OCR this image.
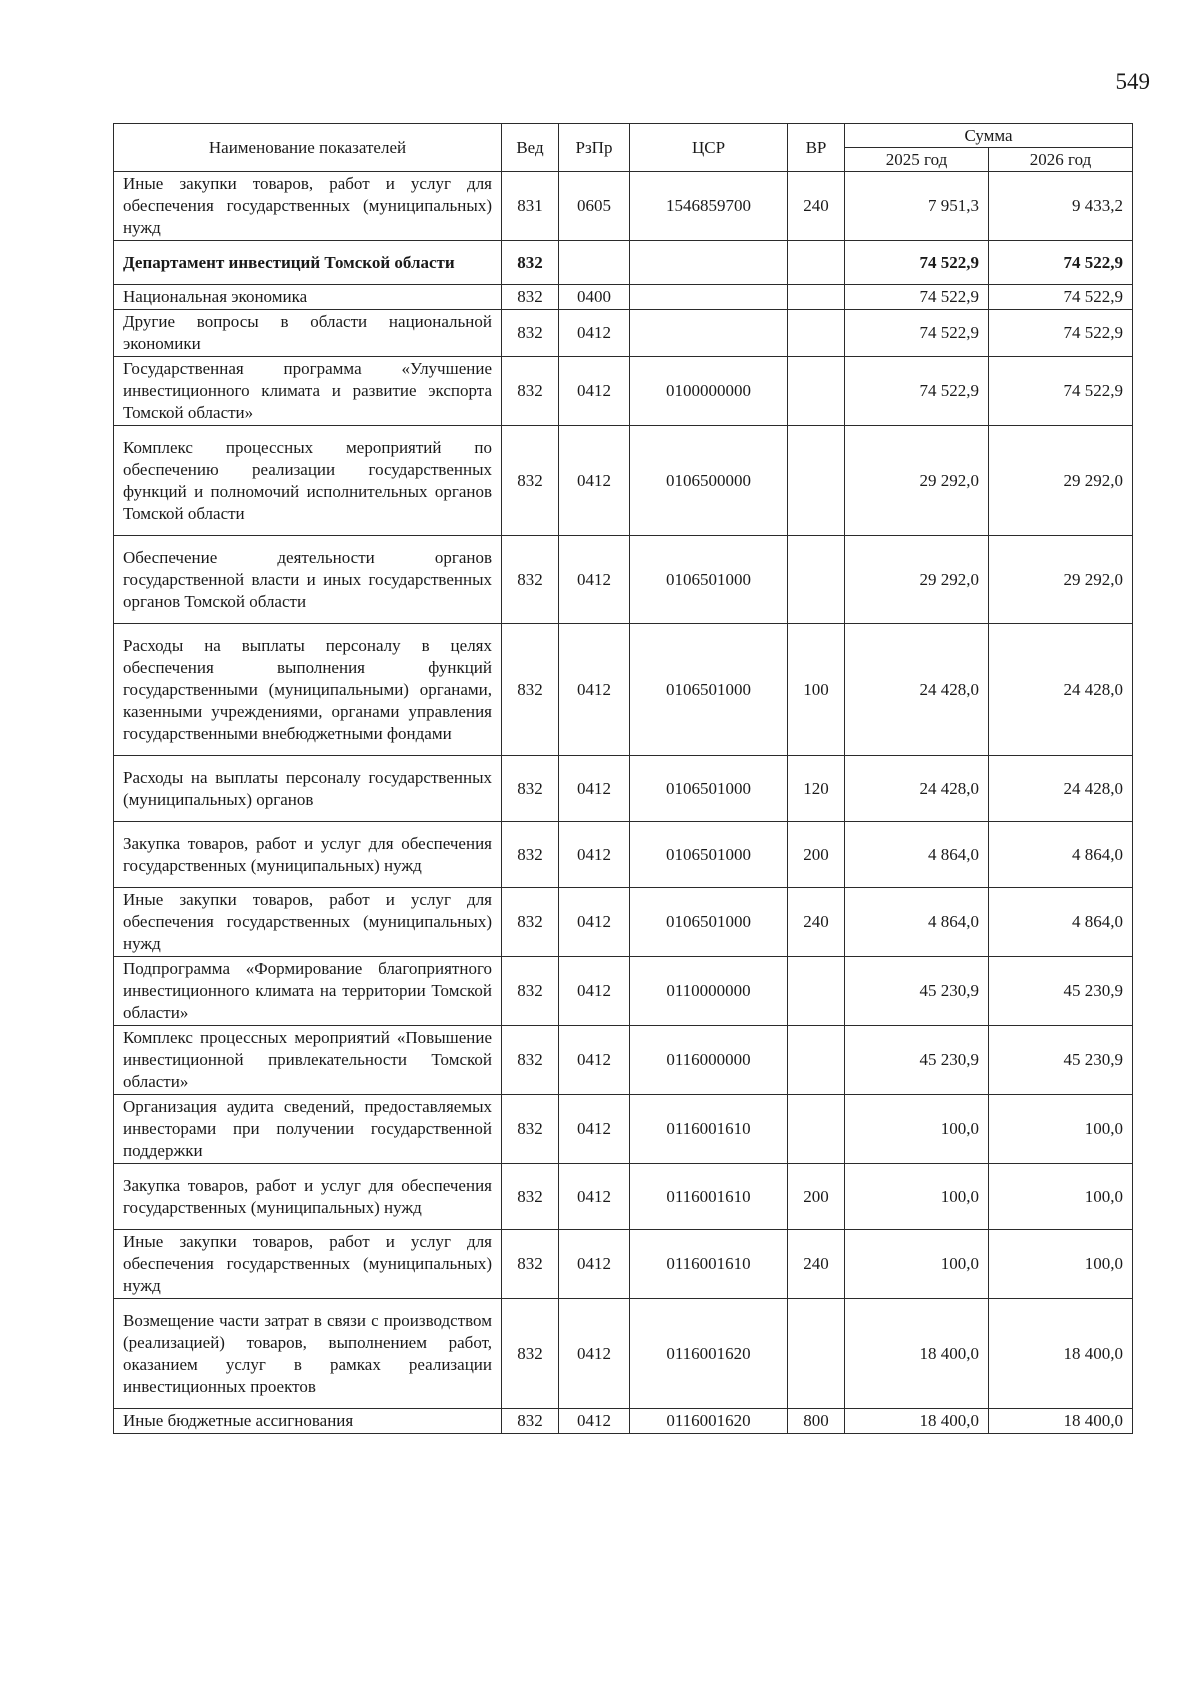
549
Наименование показателей	Вед	РзПр	ЦСР	ВР	Сумма	
					2025 год	2026 год
Иные закупки товаров, работ и услуг для обеспечения государственных (муниципальных) нужд	831	0605	1546859700	240	7 951,3	9 433,2
Департамент инвестиций Томской области	832				74 522,9	74 522,9
Национальная экономика	832	0400			74 522,9	74 522,9
Другие вопросы в области национальной экономики	832	0412			74 522,9	74 522,9
Государственная программа «Улучшение инвестиционного климата и развитие экспорта Томской области»	832	0412	0100000000		74 522,9	74 522,9
Комплекс процессных мероприятий по обеспечению реализации государственных функций и полномочий исполнительных органов Томской области	832	0412	0106500000		29 292,0	29 292,0
Обеспечение деятельности органов государственной власти и иных государственных органов Томской области	832	0412	0106501000		29 292,0	29 292,0
Расходы на выплаты персоналу в целях обеспечения выполнения функций государственными (муниципальными) органами, казенными учреждениями, органами управления государственными внебюджетными фондами	832	0412	0106501000	100	24 428,0	24 428,0
Расходы на выплаты персоналу государственных (муниципальных) органов	832	0412	0106501000	120	24 428,0	24 428,0
Закупка товаров, работ и услуг для обеспечения государственных (муниципальных) нужд	832	0412	0106501000	200	4 864,0	4 864,0
Иные закупки товаров, работ и услуг для обеспечения государственных (муниципальных) нужд	832	0412	0106501000	240	4 864,0	4 864,0
Подпрограмма «Формирование благоприятного инвестиционного климата на территории Томской области»	832	0412	0110000000		45 230,9	45 230,9
Комплекс процессных мероприятий «Повышение инвестиционной привлекательности Томской области»	832	0412	0116000000		45 230,9	45 230,9
Организация аудита сведений, предоставляемых инвесторами при получении государственной поддержки	832	0412	0116001610		100,0	100,0
Закупка товаров, работ и услуг для обеспечения государственных (муниципальных) нужд	832	0412	0116001610	200	100,0	100,0
Иные закупки товаров, работ и услуг для обеспечения государственных (муниципальных) нужд	832	0412	0116001610	240	100,0	100,0
Возмещение части затрат в связи с производством (реализацией) товаров, выполнением работ, оказанием услуг в рамках реализации инвестиционных проектов	832	0412	0116001620		18 400,0	18 400,0
Иные бюджетные ассигнования	832	0412	0116001620	800	18 400,0	18 400,0
